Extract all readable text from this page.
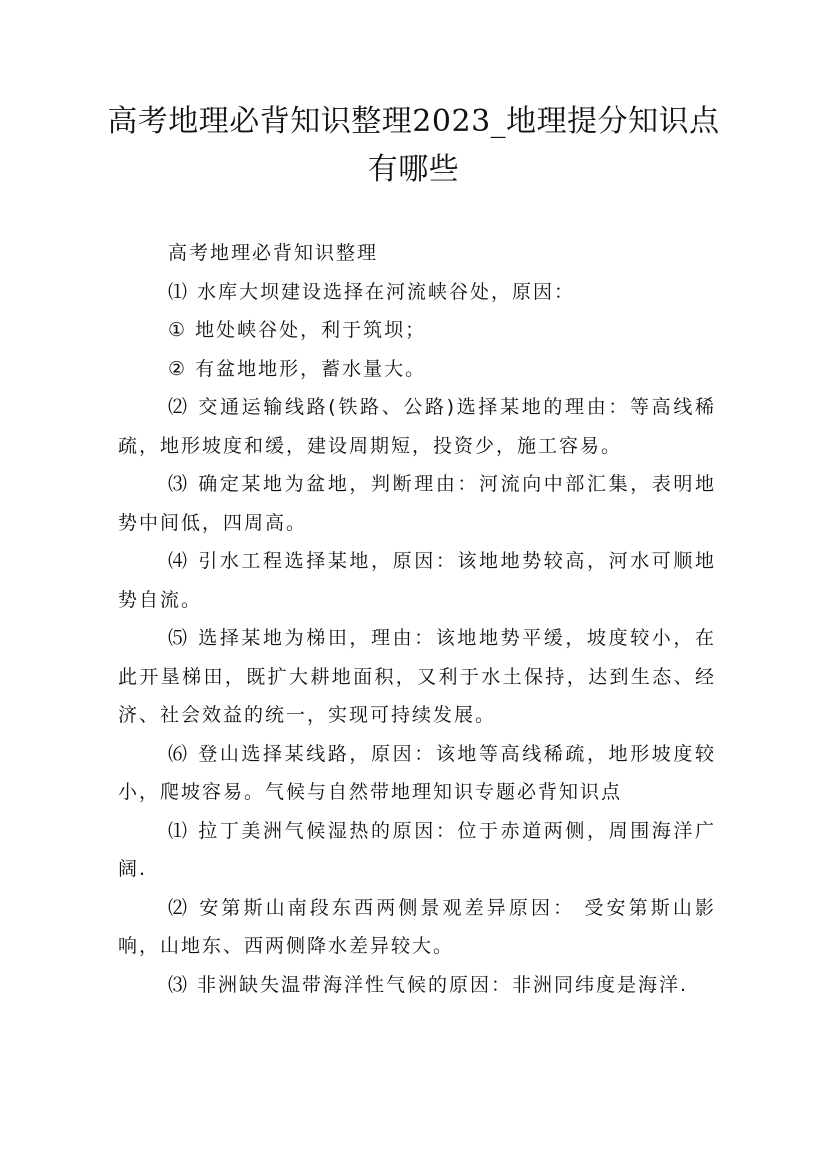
高考地理必背知识整理2023_地理提分知识点有哪些

高考地理必背知识整理

⑴ 水库大坝建设选择在河流峡谷处，原因：

① 地处峡谷处，利于筑坝；

② 有盆地地形，蓄水量大。

⑵ 交通运输线路(铁路、公路)选择某地的理由：等高线稀疏，地形坡度和缓，建设周期短，投资少，施工容易。

⑶ 确定某地为盆地，判断理由：河流向中部汇集，表明地势中间低，四周高。

⑷ 引水工程选择某地，原因：该地地势较高，河水可顺地势自流。

⑸ 选择某地为梯田，理由：该地地势平缓，坡度较小，在此开垦梯田，既扩大耕地面积，又利于水土保持，达到生态、经济、社会效益的统一，实现可持续发展。

⑹ 登山选择某线路，原因：该地等高线稀疏，地形坡度较小，爬坡容易。气候与自然带地理知识专题必背知识点

⑴ 拉丁美洲气候湿热的原因：位于赤道两侧，周围海洋广阔.

⑵ 安第斯山南段东西两侧景观差异原因： 受安第斯山影响，山地东、西两侧降水差异较大。

⑶ 非洲缺失温带海洋性气候的原因：非洲同纬度是海洋.
